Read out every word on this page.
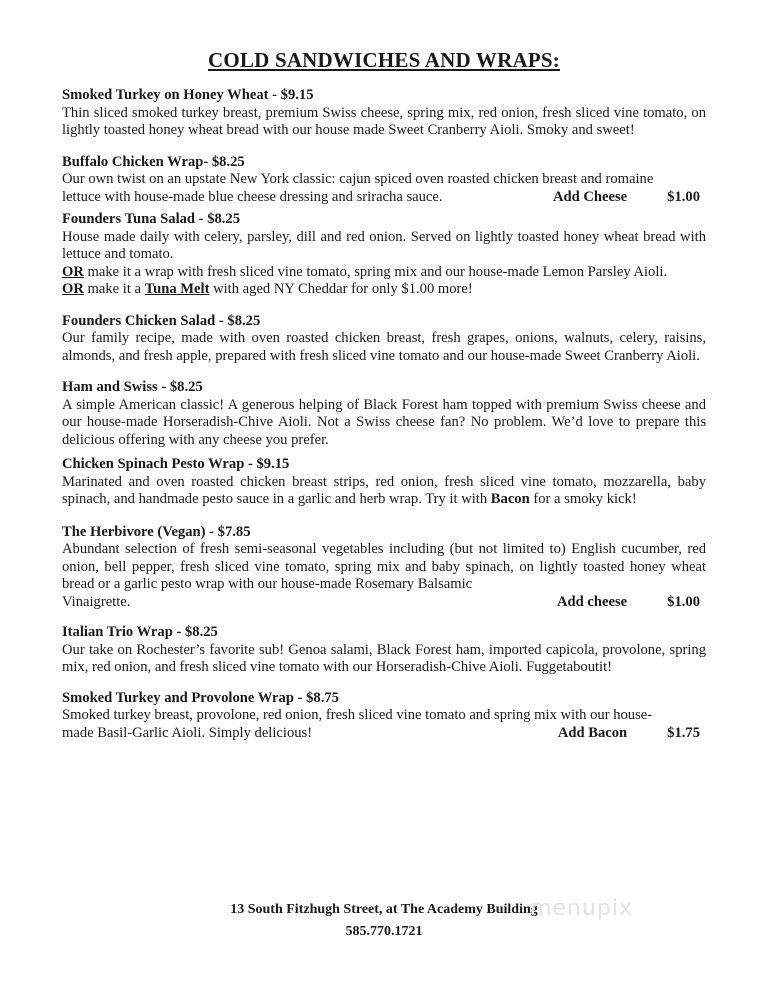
COLD SANDWICHES AND WRAPS:
Smoked Turkey on Honey Wheat - $9.15
Thin sliced smoked turkey breast, premium Swiss cheese, spring mix, red onion, fresh sliced vine tomato, on lightly toasted honey wheat bread with our house made Sweet Cranberry Aioli. Smoky and sweet!
Buffalo Chicken Wrap- $8.25
Our own twist on an upstate New York classic: cajun spiced oven roasted chicken breast and romaine
lettuce with house-made blue cheese dressing and sriracha sauce.	Add Cheese	$1.00
Founders Tuna Salad - $8.25
House made daily with celery, parsley, dill and red onion. Served on lightly toasted honey wheat bread with lettuce and tomato.
OR make it a wrap with fresh sliced vine tomato, spring mix and our house-made Lemon Parsley Aioli.
OR make it a Tuna Melt with aged NY Cheddar for only $1.00 more!
Founders Chicken Salad - $8.25
Our family recipe, made with oven roasted chicken breast, fresh grapes, onions, walnuts, celery, raisins, almonds, and fresh apple, prepared with fresh sliced vine tomato and our house-made Sweet Cranberry Aioli.
Ham and Swiss - $8.25
A simple American classic! A generous helping of Black Forest ham topped with premium Swiss cheese and our house-made Horseradish-Chive Aioli. Not a Swiss cheese fan? No problem. We’d love to prepare this delicious offering with any cheese you prefer.
Chicken Spinach Pesto Wrap - $9.15
Marinated and oven roasted chicken breast strips, red onion, fresh sliced vine tomato, mozzarella, baby spinach, and handmade pesto sauce in a garlic and herb wrap. Try it with Bacon for a smoky kick!
The Herbivore (Vegan) - $7.85
Abundant selection of fresh semi-seasonal vegetables including (but not limited to) English cucumber, red onion, bell pepper, fresh sliced vine tomato, spring mix and baby spinach, on lightly toasted honey wheat bread or a garlic pesto wrap with our house-made Rosemary Balsamic
Vinaigrette.	Add cheese	$1.00
Italian Trio Wrap - $8.25
Our take on Rochester’s favorite sub! Genoa salami, Black Forest ham, imported capicola, provolone, spring mix, red onion, and fresh sliced vine tomato with our Horseradish-Chive Aioli. Fuggetaboutit!
Smoked Turkey and Provolone Wrap - $8.75
Smoked turkey breast, provolone, red onion, fresh sliced vine tomato and spring mix with our house-
made Basil-Garlic Aioli. Simply delicious!	Add Bacon	$1.75
13 South Fitzhugh Street, at The Academy Building
585.770.1721
menupix
